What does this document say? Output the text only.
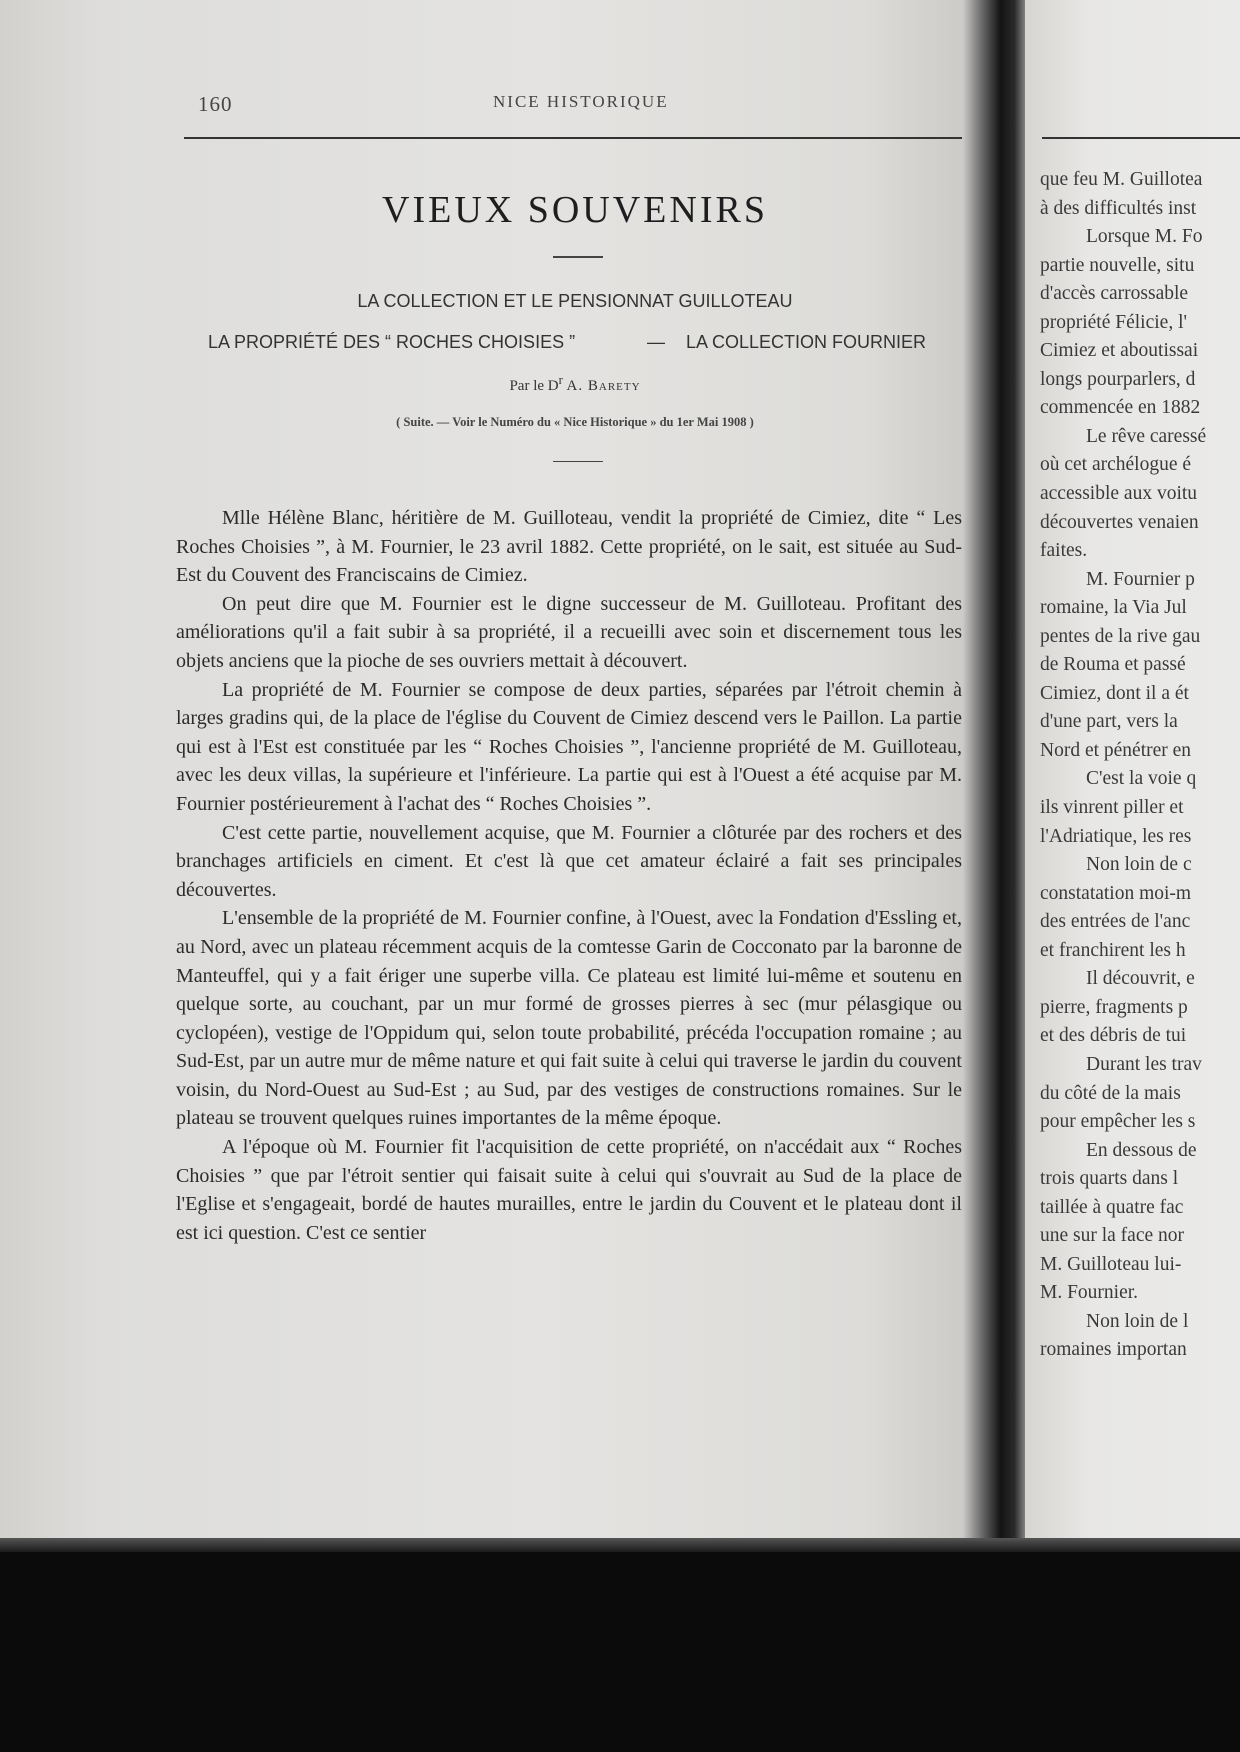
160	NICE HISTORIQUE
VIEUX SOUVENIRS
LA COLLECTION ET LE PENSIONNAT GUILLOTEAU
LA PROPRIÉTÉ DES “ ROCHES CHOISIES ”	— LA COLLECTION FOURNIER
Par le $D^r$ A. Barety
( Suite. — Voir le Numéro du « Nice Historique » du 1er Mai 1908 )

Mlle Hélène Blanc, héritière de M. Guilloteau, vendit la propriété de Cimiez, dite “ Les Roches Choisies ”, à M. Fournier, le 23 avril 1882. Cette propriété, on le sait, est située au Sud-Est du Couvent des Franciscains de Cimiez.

On peut dire que M. Fournier est le digne successeur de M. Guilloteau. Profitant des améliorations qu'il a fait subir à sa propriété, il a recueilli avec soin et discernement tous les objets anciens que la pioche de ses ouvriers mettait à découvert.

La propriété de M. Fournier se compose de deux parties, séparées par l'étroit chemin à larges gradins qui, de la place de l'église du Couvent de Cimiez descend vers le Paillon. La partie qui est à l'Est est constituée par les “ Roches Choisies ”, l'ancienne propriété de M. Guilloteau, avec les deux villas, la supérieure et l'inférieure. La partie qui est à l'Ouest a été acquise par M. Fournier postérieurement à l'achat des “ Roches Choisies ”.

C'est cette partie, nouvellement acquise, que M. Fournier a clôturée par des rochers et des branchages artificiels en ciment. Et c'est là que cet amateur éclairé a fait ses principales découvertes.

L'ensemble de la propriété de M. Fournier confine, à l'Ouest, avec la Fondation d'Essling et, au Nord, avec un plateau récemment acquis de la comtesse Garin de Cocconato par la baronne de Manteuffel, qui y a fait ériger une superbe villa. Ce plateau est limité lui-même et soutenu en quelque sorte, au couchant, par un mur formé de grosses pierres à sec (mur pélasgique ou cyclopéen), vestige de l'Oppidum qui, selon toute probabilité, précéda l'occupation romaine ; au Sud-Est, par un autre mur de même nature et qui fait suite à celui qui traverse le jardin du couvent voisin, du Nord-Ouest au Sud-Est ; au Sud, par des vestiges de constructions romaines. Sur le plateau se trouvent quelques ruines importantes de la même époque.

A l'époque où M. Fournier fit l'acquisition de cette propriété, on n'accédait aux “ Roches Choisies ” que par l'étroit sentier qui faisait suite à celui qui s'ouvrait au Sud de la place de l'Eglise et s'engageait, bordé de hautes murailles, entre le jardin du Couvent et le plateau dont il est ici question. C'est ce sentier

que feu M. Guillotea
à des difficultés inst
Lorsque M. Fo
partie nouvelle, situ
d'accès carrossable
propriété Félicie, l'
Cimiez et aboutissai
longs pourparlers, d
commencée en 1882
Le rêve caressé
où cet archélogue é
accessible aux voitu
découvertes venaien
faites.
M. Fournier p
romaine, la Via Jul
pentes de la rive gau
de Rouma et passé
Cimiez, dont il a ét
d'une part, vers la
Nord et pénétrer en
C'est la voie q
ils vinrent piller et
l'Adriatique, les res
Non loin de c
constatation moi-m
des entrées de l'anc
et franchirent les h
Il découvrit, e
pierre, fragments p
et des débris de tui
Durant les trav
du côté de la mais
pour empêcher les s
En dessous de
trois quarts dans l
taillée à quatre fac
une sur la face nor
M. Guilloteau lui-
M. Fournier.
Non loin de l
romaines importan
